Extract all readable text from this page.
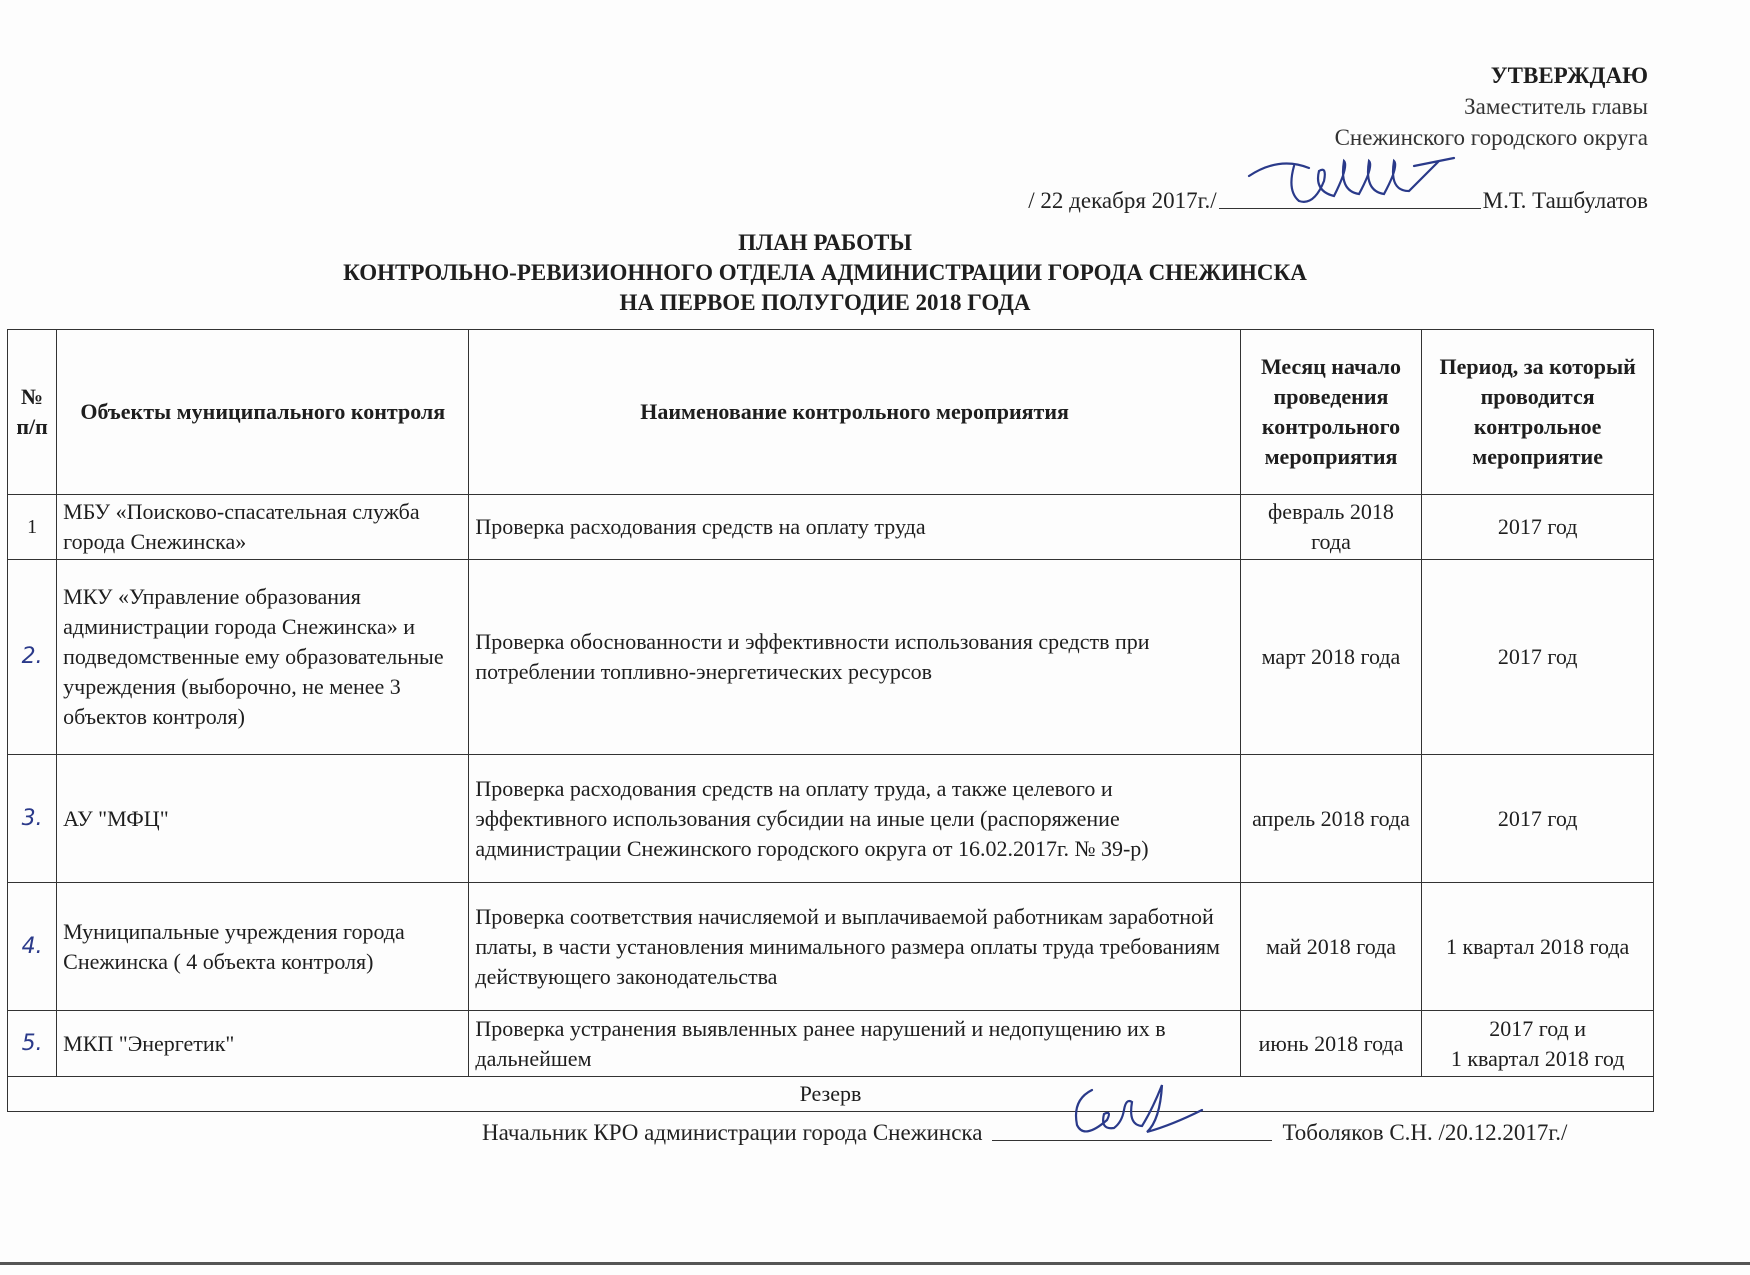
УТВЕРЖДАЮ
Заместитель главы
Снежинского городского округа
/ 22 декабря 2017г./	М.Т. Ташбулатов
ПЛАН РАБОТЫ
КОНТРОЛЬНО-РЕВИЗИОННОГО ОТДЕЛА АДМИНИСТРАЦИИ ГОРОДА СНЕЖИНСКА
НА ПЕРВОЕ ПОЛУГОДИЕ 2018 ГОДА
№ п/п	Объекты муниципального контроля	Наименование контрольного мероприятия	Месяц начало проведения контрольного мероприятия	Период, за который проводится контрольное мероприятие
1	МБУ «Поисково-спасательная служба города Снежинска»	Проверка расходования средств на оплату труда	февраль 2018 года	2017 год
2.	МКУ «Управление образования администрации города Снежинска» и подведомственные ему образовательные учреждения (выборочно, не менее 3 объектов контроля)	Проверка обоснованности и эффективности использования средств при потреблении топливно-энергетических ресурсов	март 2018 года	2017 год
3.	АУ "МФЦ"	Проверка расходования средств на оплату труда, а также целевого и эффективного использования субсидии на иные цели (распоряжение администрации Снежинского городского округа от 16.02.2017г. № 39-р)	апрель 2018 года	2017 год
4.	Муниципальные учреждения города Снежинска ( 4 объекта контроля)	Проверка соответствия начисляемой и выплачиваемой работникам заработной платы, в части установления минимального размера оплаты труда требованиям действующего законодательства	май 2018 года	1 квартал 2018 года
5.	МКП "Энергетик"	Проверка устранения выявленных ранее нарушений и недопущению их в дальнейшем	июнь 2018 года	2017 год и
1 квартал 2018 год

Резерв				
Начальник КРО администрации города Снежинска	Тоболяков С.Н. /20.12.2017г./
